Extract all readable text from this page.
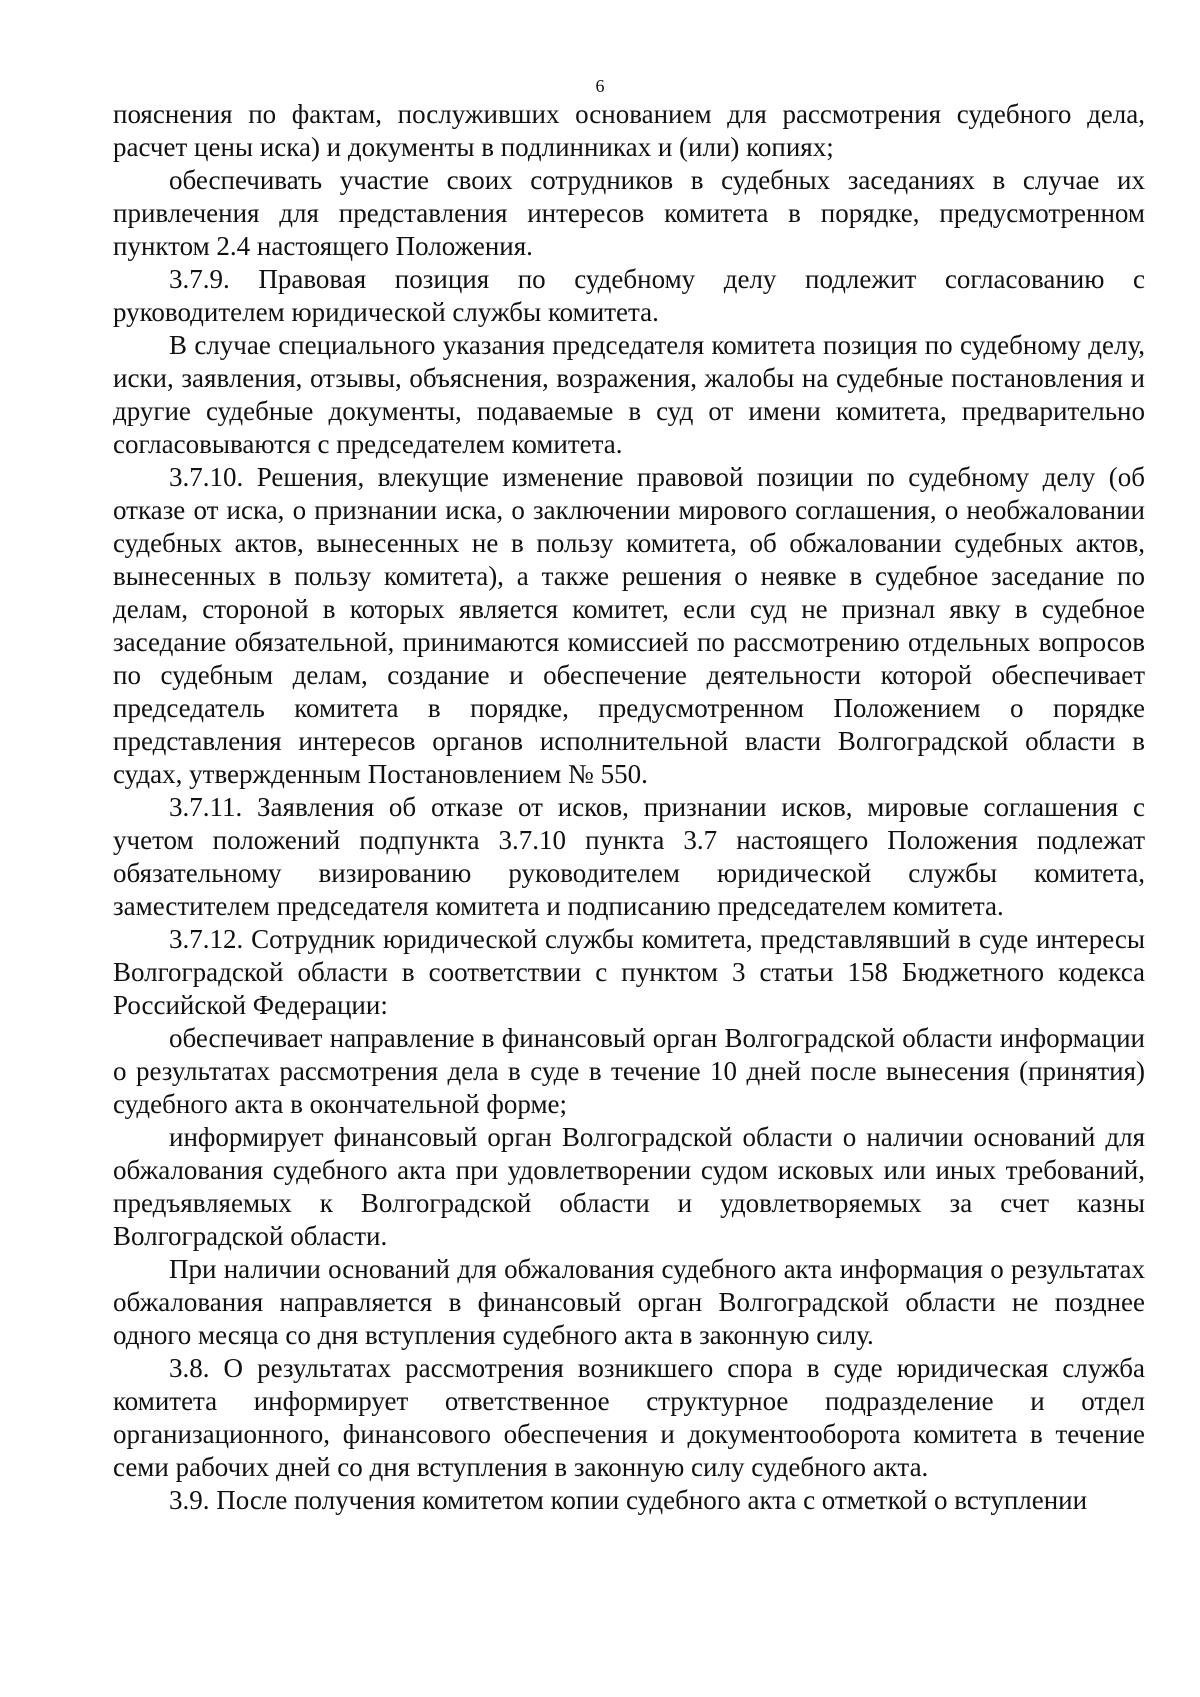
6

пояснения по фактам, послуживших основанием для рассмотрения судебного дела, расчет цены иска) и документы в подлинниках и (или) копиях;

обеспечивать участие своих сотрудников в судебных заседаниях в случае их привлечения для представления интересов комитета в порядке, предусмотренном пунктом 2.4 настоящего Положения.

3.7.9. Правовая позиция по судебному делу подлежит согласованию с руководителем юридической службы комитета.

В случае специального указания председателя комитета позиция по судебному делу, иски, заявления, отзывы, объяснения, возражения, жалобы на судебные постановления и другие судебные документы, подаваемые в суд от имени комитета, предварительно согласовываются с председателем комитета.

3.7.10. Решения, влекущие изменение правовой позиции по судебному делу (об отказе от иска, о признании иска, о заключении мирового соглашения, о необжаловании судебных актов, вынесенных не в пользу комитета, об обжаловании судебных актов, вынесенных в пользу комитета), а также решения о неявке в судебное заседание по делам, стороной в которых является комитет, если суд не признал явку в судебное заседание обязательной, принимаются комиссией по рассмотрению отдельных вопросов по судебным делам, создание и обеспечение деятельности которой обеспечивает председатель комитета в порядке, предусмотренном Положением о порядке представления интересов органов исполнительной власти Волгоградской области в судах, утвержденным Постановлением № 550.

3.7.11. Заявления об отказе от исков, признании исков, мировые соглашения с учетом положений подпункта 3.7.10 пункта 3.7 настоящего Положения подлежат обязательному визированию руководителем юридической службы комитета, заместителем председателя комитета и подписанию председателем комитета.

3.7.12. Сотрудник юридической службы комитета, представлявший в суде интересы Волгоградской области в соответствии с пунктом 3 статьи 158 Бюджетного кодекса Российской Федерации:

обеспечивает направление в финансовый орган Волгоградской области информации о результатах рассмотрения дела в суде в течение 10 дней после вынесения (принятия) судебного акта в окончательной форме;

информирует финансовый орган Волгоградской области о наличии оснований для обжалования судебного акта при удовлетворении судом исковых или иных требований, предъявляемых к Волгоградской области и удовлетворяемых за счет казны Волгоградской области.

При наличии оснований для обжалования судебного акта информация о результатах обжалования направляется в финансовый орган Волгоградской области не позднее одного месяца со дня вступления судебного акта в законную силу.

3.8. О результатах рассмотрения возникшего спора в суде юридическая служба комитета информирует ответственное структурное подразделение и отдел организационного, финансового обеспечения и документооборота комитета в течение семи рабочих дней со дня вступления в законную силу судебного акта.

3.9. После получения комитетом копии судебного акта с отметкой о вступлении
